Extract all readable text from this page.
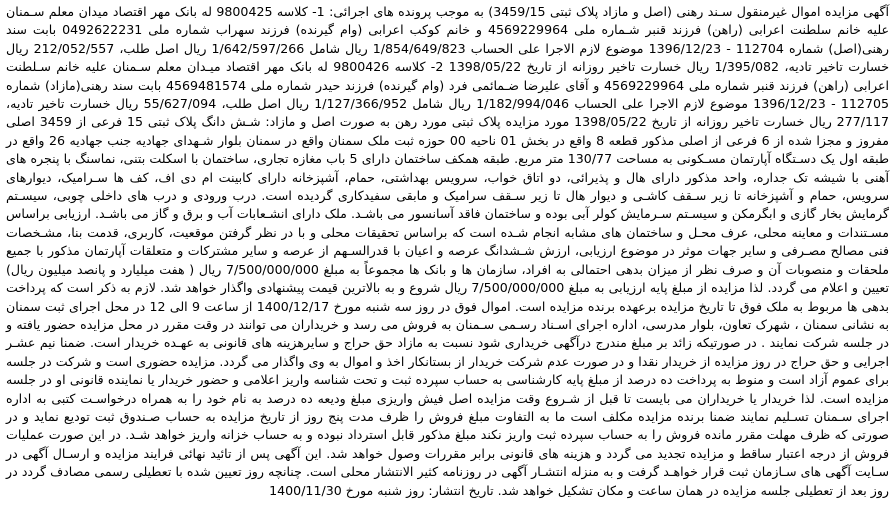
آگهی مزایده اموال غیرمنقول سـند رهنی (اصل و مازاد پلاک ثبتی 3459/15) به موجب پرونده های اجرائی: 1- کلاسه 9800425 له بانک مهر اقتصاد میدان معلم سـمنان علیه خانم سلطنت اعرابی (راهن) فرزند قنبر شـماره ملی 4569229964 و خانم کوکب اعرابی (وام گیرنده) فرزند سهراب شماره ملی 0492622231 بابت سند رهنی(اصل) شماره 112704 - 1396/12/23 موضوع لازم الاجرا علی الحساب 1/854/649/823 ریال شامل 1/642/597/266 ریال اصل طلب، 212/052/557 ریال خسارت تاخیر تادیه، 1/395/082 ریال خسارت تاخیر روزانه از تاریخ 1398/05/22 2- کلاسه 9800426 له بانک مهر اقتصاد میـدان معلم سـمنان علیه خانم سـلطنت اعرابی (راهن) فرزند قنبر شماره ملی 4569229964 و آقای علیرضا ضـمائمی فرد (وام گیرنده) فرزند حیدر شماره ملی 4569481574 بابت سند رهنی(مازاد) شماره 112705 - 1396/12/23 موضوع لازم الاجرا علی الحساب 1/182/994/046 ریال شامل 1/127/366/952 ریال اصل طلب، 55/627/094 ریال خسارت تاخیر تادیه، 277/117 ریال خسارت تاخیر روزانه از تاریخ 1398/05/22 مورد مزایده پلاک ثبتی مورد رهن به صورت اصل و مازاد: شـش دانگ پلاک ثبتی 15 فرعی از 3459 اصلی مفروز و مجزا شده از 6 فرعی از اصلی مذکور قطعه 8 واقع در بخش 01 ناحیه 00 حوزه ثبت ملک سمنان واقع در سمنان بلوار شـهدای جهادیه جنب جهادیه 26 واقع در طبقه اول یک دسـتگاه آپارتمان مسـکونی به مساحت 130/77 متر مربع. طبقه همکف ساختمان دارای 5 باب مغازه تجاری، ساختمان با اسکلت بتنی، نماسنگ با پنجره های آهنی با شیشه تک جداره، واحد مذکور دارای هال و پذیرائی، دو اتاق خواب، سرویس بهداشتی، حمام، آشپزخانه دارای کابینت ام دی اف، کف ها سـرامیک، دیوارهای سرویس، حمام و آشپزخانه تا زیر سـقف کاشـی و دیوار هال تا زیر سـقف سرامیک و مابقی سفیدکاری گردیده است. درب ورودی و درب های داخلی چوبی، سیسـتم گرمایش بخار گازی و ابگرمکن و سیسـتم سـرمایش کولر آبی بوده و ساختمان فاقد آسانسور می باشـد. ملک دارای انشـعابات آب و برق و گاز می باشـد. ارزیابی براساس مسـتندات و معاینه محلی، عرف محـل و ساختمان های مشابه انجام شـده است که براساس تحقیقات محلی و با در نظر گرفتن موقعیت، کاربری، قدمت بنا، مشـخصات فنی مصالح مصـرفی و سایر جهات موثر در موضوع ارزیابی، ارزش شـشدانگ عرصه و اعیان با قدرالسـهم از عرصه و سایر مشترکات و متعلقات آپارتمان مذکور با جمیع ملحقات و منصوبات آن و صرف نظر از میزان بدهی احتمالی به افراد، سازمان ها و بانک ها مجموعاً به مبلغ 7/500/000/000 ریال ( هفت میلیارد و پانصد میلیون ریال) تعیین و اعلام می گردد. لذا مزایده از مبلغ پایه ارزیابی به مبلغ 7/500/000/000 ریال شروع و به بالاترین قیمت پیشنهادی واگذار خواهد شد. لازم به ذکر است که پرداخت بدهی ها مربوط به ملک فوق تا تاریخ مزایده برعهده برنده مزایده است. اموال فوق در روز سه شنبه مورخ 1400/12/17 از ساعت 9 الی 12 در محل اجرای ثبت سمنان به نشانی سمنان ، شهرک تعاون، بلوار مدرسی، اداره اجرای اسـناد رسـمی سـمنان به فروش می رسد و خریداران می توانند در وقت مقرر در محل مزایده حضور یافته و در جلسه شرکت نمایند . در صورتیکه زائد بر مبلغ مندرج درآگهی خریداری شود نسبت به مازاد حق حراج و سایرهزینه های قانونی به عهـده خریدار است. ضمنا نیم عشـر اجرایی و حق حراج در روز مزایده از خریدار نقدا و در صورت عدم شرکت خریدار از بستانکار اخذ و اموال به وی واگذار می گردد. مزایده حضوری است و شرکت در جلسه برای عموم آزاد است و منوط به پرداخت ده درصد از مبلغ پایه کارشناسی به حساب سپرده ثبت و تحت شناسه واریز اعلامی و حضور خریدار یا نماینده قانونی او در جلسه مزایده است. لذا خریدار یا خریداران می بایست تا قبل از شـروع وقت مزایده اصل فیش واریزی مبلغ ودیعه ده درصد به نام خود را به همراه درخواسـت کتبی به اداره اجرای سـمنان تسـلیم نمایند ضمنا برنده مزایده مکلف است ما به التفاوت مبلغ فروش را ظرف مدت پنج روز از تاریخ مزایده به حساب صـندوق ثبت تودیع نماید و در صورتی که ظرف مهلت مقرر مانده فروش را به حساب سپرده ثبت واریز نکند مبلغ مذکور قابل استرداد نبوده و به حساب خزانه واریز خواهد شـد. در این صورت عملیات فروش از درجه اعتبار ساقط و مزایده تجدید می گردد و هزینه های قانونی برابر مقررات وصول خواهد شد. این آگهی پس از تائید نهائی فرایند مزایده و ارسـال آگهی در سـایت آگهی های سـازمان ثبت قرار خواهـد گرفت و به منزله انتشـار آگهی در روزنامه کثیر الانتشار محلی است. چنانچه روز تعیین شده با تعطیلی رسمی مصادف گردد در روز بعد از تعطیلی جلسه مزایده در همان ساعت و مکان تشکیل خواهد شد. تاریخ انتشار: روز شنبه مورخ 1400/11/30
